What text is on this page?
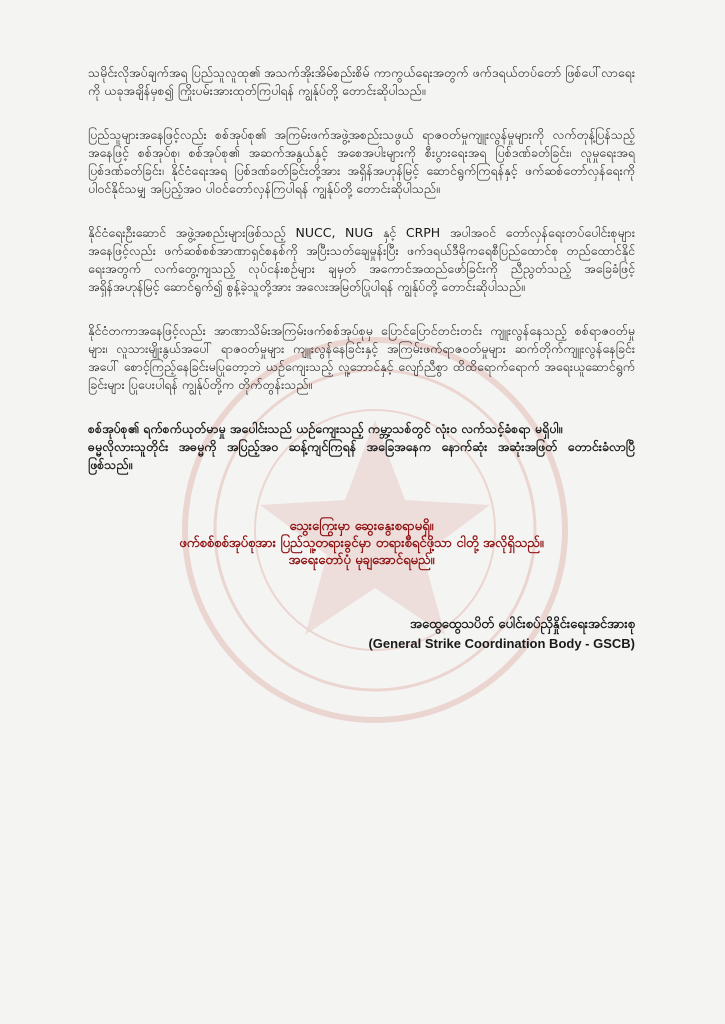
သမိုင်းလိုအပ်ချက်အရ ပြည်သူလူထု၏ အသက်အိုးအိမ်စည်းစိမ် ကာကွယ်ရေးအတွက် ဖက်ဒရယ်တပ်တော် ဖြစ်ပေါ်လာရေးကို ယခုအချိန်မှစ၍ ကြိုးပမ်းအားထုတ်ကြပါရန် ကျွန်ုပ်တို့ တောင်းဆိုပါသည်။

ပြည်သူများအနေဖြင့်လည်း စစ်အုပ်စု၏ အကြမ်းဖက်အဖွဲ့အစည်းသဖွယ် ရာဇဝတ်မှုကျူးလွန်မှုများကို လက်တုန့်ပြန်သည့်အနေဖြင့် စစ်အုပ်စု၊ စစ်အုပ်စု၏ အဆက်အနွယ်နှင့် အစေအပါးများကို စီးပွားရေးအရ ပြစ်ဒဏ်ခတ်ခြင်း၊ လူမှုရေးအရ ပြစ်ဒဏ်ခတ်ခြင်း၊ နိုင်ငံရေးအရ ပြစ်ဒဏ်ခတ်ခြင်းတို့အား အရှိန်အဟုန်မြင့် ဆောင်ရွက်ကြရန်နှင့် ဖက်ဆစ်တော်လှန်ရေးကို ပါဝင်နိုင်သမျှ အပြည့်အဝ ပါဝင်တော်လှန်ကြပါရန် ကျွန်ုပ်တို့ တောင်းဆိုပါသည်။

နိုင်ငံရေးဦးဆောင် အဖွဲ့အစည်းများဖြစ်သည့် NUCC, NUG နှင့် CRPH အပါအဝင် တော်လှန်ရေးတပ်ပေါင်းစုများအနေဖြင့်လည်း ဖက်ဆစ်စစ်အာဏာရှင်စနစ်ကို အပြီးသတ်ချေမှုန်းပြီး ဖက်ဒရယ်ဒီမိုကရေစီပြည်ထောင်စု တည်ထောင်နိုင်ရေးအတွက် လက်တွေ့ကျသည့် လုပ်ငန်းစဉ်များ ချမှတ် အကောင်အထည်ဖော်ခြင်းကို ညီညွတ်သည့် အခြေခံဖြင့် အရှိန်အဟုန်မြင့် ဆောင်ရွက်၍ စွန့်ခဲ့သူတို့အား အလေးအမြတ်ပြုပါရန် ကျွန်ုပ်တို့ တောင်းဆိုပါသည်။

နိုင်ငံတကာအနေဖြင့်လည်း အာဏာသိမ်းအကြမ်းဖက်စစ်အုပ်စုမှ ပြောင်ပြောင်တင်းတင်း ကျူးလွန်နေသည့် စစ်ရာဇဝတ်မှုများ၊ လူသားမျိုးနွယ်အပေါ် ရာဇဝတ်မှုများ ကျူးလွန်နေခြင်းနှင့် အကြမ်းဖက်ရာဇဝတ်မှုများ ဆက်တိုက်ကျူးလွန်နေခြင်းအပေါ် စောင့်ကြည့်နေခြင်းမပြုတော့ဘဲ ယဉ်ကျေးသည့် လူ့ဘောင်နှင့် လျော်ညီစွာ ထိထိရောက်ရောက် အရေးယူဆောင်ရွက်ခြင်းများ ပြုပေးပါရန် ကျွန်ုပ်တို့က တိုက်တွန်းသည်။

စစ်အုပ်စု၏ ရက်စက်ယုတ်မာမှု အပေါင်းသည် ယဉ်ကျေးသည့် ကမ္ဘာ့သစ်တွင် လုံးဝ လက်သင့်ခံစရာ မရှိပါ။

ဓမ္မလိုလားသူတိုင်း အဓမ္မကို အပြည့်အဝ ဆန့်ကျင်ကြရန် အခြေအနေက နောက်ဆုံး အဆုံးအဖြတ် တောင်းခံလာပြီ ဖြစ်သည်။

သွေးကြွေးမှာ ဆွေးနွေးစရာမရှိ။
ဖက်စစ်စစ်အုပ်စုအား ပြည်သူ့တရားခွင်မှာ တရားစီရင်ဖို့သာ ငါတို့ အလိုရှိသည်။
အရေးတော်ပုံ မုချအောင်ရမည်။
အထွေထွေသပိတ် ပေါင်းစပ်ညှိနှိုင်းရေးအင်အားစု
(General Strike Coordination Body - GSCB)
